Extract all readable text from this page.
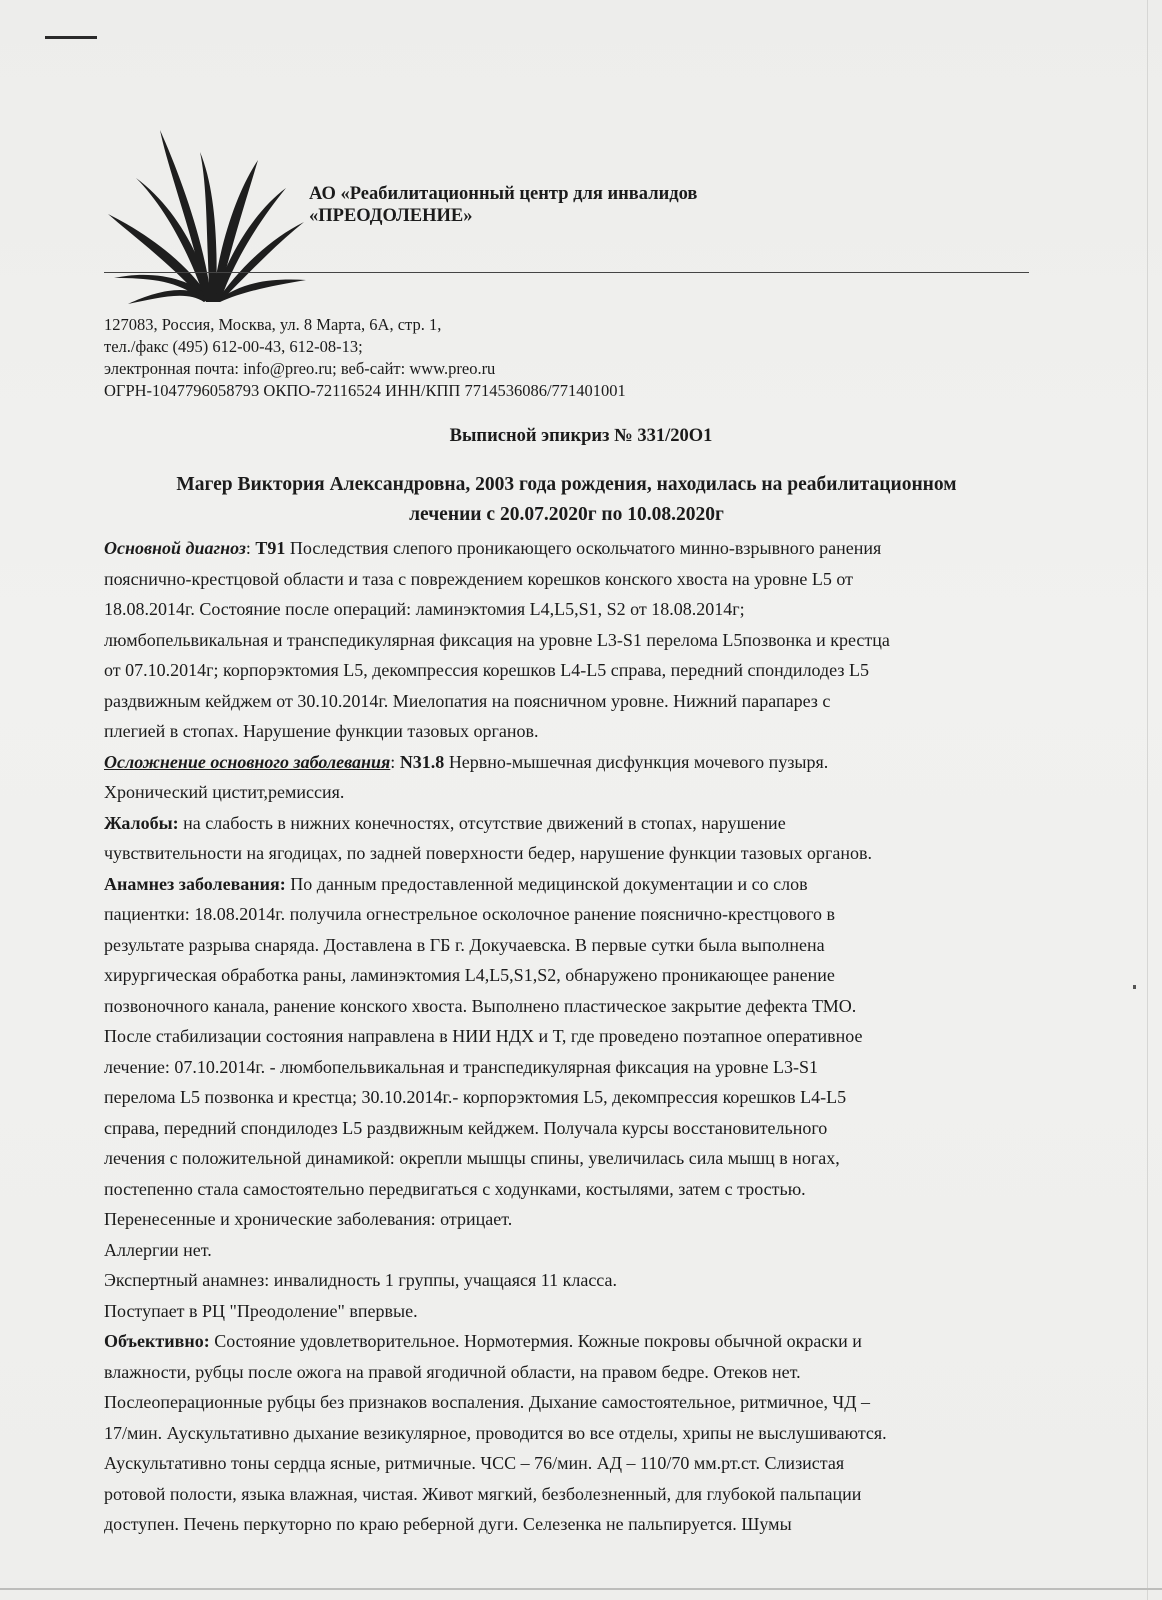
АО «Реабилитационный центр для инвалидов
«ПРЕОДОЛЕНИЕ»
127083, Россия, Москва, ул. 8 Марта, 6А, стр. 1,
тел./факс (495) 612-00-43, 612-08-13;
электронная почта: info@preo.ru; веб-сайт: www.preo.ru
ОГРН-1047796058793 ОКПО-72116524 ИНН/КПП 7714536086/771401001
Выписной эпикриз № 331/20О1
Магер Виктория Александровна, 2003 года рождения, находилась на реабилитационном
лечении с 20.07.2020г по 10.08.2020г

Основной диагноз: T91 Последствия слепого проникающего оскольчатого минно-взрывного ранения

пояснично-крестцовой области и таза с повреждением корешков конского хвоста на уровне L5 от

18.08.2014г. Состояние после операций: ламинэктомия L4,L5,S1, S2 от 18.08.2014г;

люмбопельвикальная и транспедикулярная фиксация на уровне L3-S1 перелома L5позвонка и крестца

от 07.10.2014г; корпорэктомия L5, декомпрессия корешков L4-L5 справа, передний спондилодез L5

раздвижным кейджем от 30.10.2014г. Миелопатия на поясничном уровне. Нижний парапарез с

плегией в стопах. Нарушение функции тазовых органов.

Осложнение основного заболевания: N31.8 Нервно-мышечная дисфункция мочевого пузыря.

Хронический цистит,ремиссия.

Жалобы: на слабость в нижних конечностях, отсутствие движений в стопах, нарушение

чувствительности на ягодицах, по задней поверхности бедер, нарушение функции тазовых органов.

Анамнез заболевания: По данным предоставленной медицинской документации и со слов

пациентки: 18.08.2014г. получила огнестрельное осколочное ранение пояснично-крестцового в

результате разрыва снаряда. Доставлена в ГБ г. Докучаевска. В первые сутки была выполнена

хирургическая обработка раны, ламинэктомия L4,L5,S1,S2, обнаружено проникающее ранение

позвоночного канала, ранение конского хвоста. Выполнено пластическое закрытие дефекта ТМО.

После стабилизации состояния направлена в НИИ НДХ и Т, где проведено поэтапное оперативное

лечение: 07.10.2014г. - люмбопельвикальная и транспедикулярная фиксация на уровне L3-S1

перелома L5 позвонка и крестца; 30.10.2014г.- корпорэктомия L5, декомпрессия корешков L4-L5

справа, передний спондилодез L5 раздвижным кейджем. Получала курсы восстановительного

лечения с положительной динамикой: окрепли мышцы спины, увеличилась сила мышц в ногах,

постепенно стала самостоятельно передвигаться с ходунками, костылями, затем с тростью.

Перенесенные и хронические заболевания: отрицает.

Аллергии нет.

Экспертный анамнез: инвалидность 1 группы, учащаяся 11 класса.

Поступает в РЦ "Преодоление" впервые.

Объективно: Состояние удовлетворительное. Нормотермия. Кожные покровы обычной окраски и

влажности, рубцы после ожога на правой ягодичной области, на правом бедре. Отеков нет.

Послеоперационные рубцы без признаков воспаления. Дыхание самостоятельное, ритмичное, ЧД –

17/мин. Аускультативно дыхание везикулярное, проводится во все отделы, хрипы не выслушиваются.

Аускультативно тоны сердца ясные, ритмичные. ЧСС – 76/мин. АД – 110/70 мм.рт.ст. Слизистая

ротовой полости, языка влажная, чистая. Живот мягкий, безболезненный, для глубокой пальпации

доступен. Печень перкуторно по краю реберной дуги. Селезенка не пальпируется. Шумы
